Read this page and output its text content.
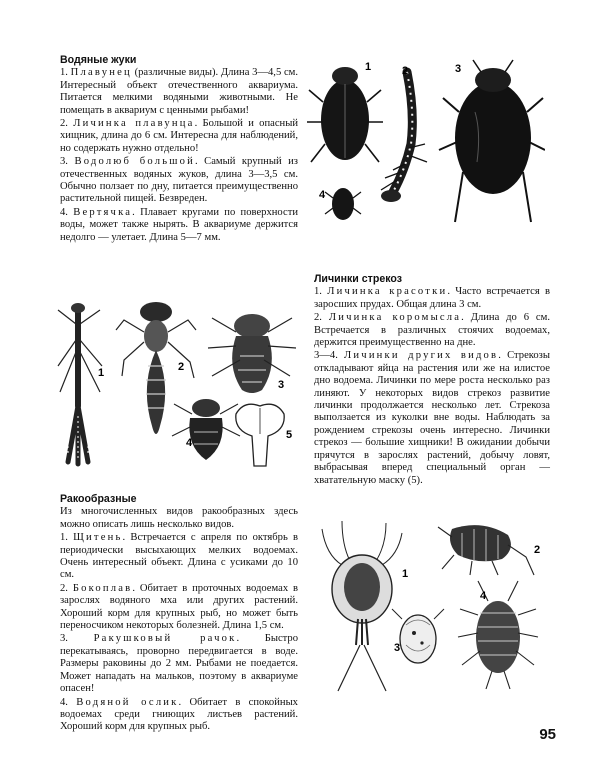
Водяные жуки

1. Плавунец (различные виды). Длина 3—4,5 см. Интересный объект отечественного аквариума. Питается мелкими водяными животными. Не помещать в аквариум с ценными рыбами!

2. Личинка плавунца. Большой и опасный хищник, длина до 6 см. Интересна для наблюдений, но содержать нужно отдельно!

3. Водолюб большой. Самый крупный из отечественных водяных жуков, длина 3—3,5 см. Обычно ползает по дну, питается преимущественно растительной пищей. Безвреден.

4. Вертячка. Плавает кругами по поверхности воды, может также нырять. В аквариуме держится недолго — улетает. Длина 5—7 мм.

1	2	3
4
1	2
3
4
5
Личинки стрекоз

1. Личинка красотки. Часто встречается в заросших прудах. Общая длина 3 см.

2. Личинка коромысла. Длина до 6 см. Встречается в различных стоячих водоемах, держится преимущественно на дне.

3—4. Личинки других видов. Стрекозы откладывают яйца на растения или же на илистое дно водоема. Личинки по мере роста несколько раз линяют. У некоторых видов стрекоз развитие личинки продолжается несколько лет. Стрекоза выползается из куколки вне воды. Наблюдать за рождением стрекозы очень интересно. Личинки стрекоз — большие хищники! В ожидании добычи прячутся в зарослях растений, добычу ловят, выбрасывая вперед специальный орган — хватательную маску (5).

Ракообразные

Из многочисленных видов ракообразных здесь можно описать лишь несколько видов.

1. Щитень. Встречается с апреля по октябрь в периодически высыхающих мелких водоемах. Очень интересный объект. Длина с усиками до 10 см.

2. Бокоплав. Обитает в проточных водоемах в зарослях водяного мха или других растений. Хороший корм для крупных рыб, но может быть переносчиком некоторых болезней. Длина 1,5 см.

3. Ракушковый рачок. Быстро перекатываясь, проворно передвигается в воде. Размеры раковины до 2 мм. Рыбами не поедается. Может нападать на мальков, поэтому в аквариуме опасен!

4. Водяной ослик. Обитает в спокойных водоемах среди гниющих листьев растений. Хороший корм для крупных рыб.

1
2
3
4
95
